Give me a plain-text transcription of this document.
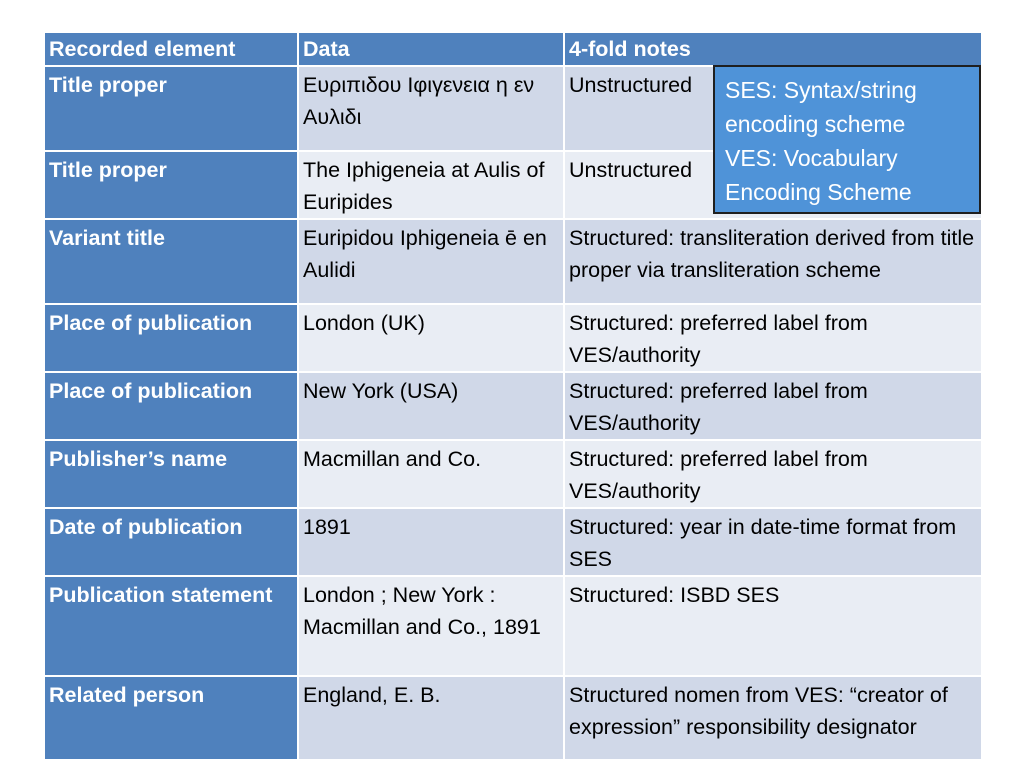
Recorded element	Data	4-fold notes
Title proper	Ευριπιδου Ιφιγενεια η εν Αυλιδι	Unstructured
Title proper	The Iphigeneia at Aulis of Euripides	Unstructured
Variant title	Euripidou Iphigeneia ē en Aulidi	Structured: transliteration derived from title proper via transliteration scheme
Place of publication	London (UK)	Structured: preferred label from VES/authority
Place of publication	New York (USA)	Structured: preferred label from VES/authority
Publisher’s name	Macmillan and Co.	Structured: preferred label from VES/authority
Date of publication	1891	Structured: year in date-time format from SES
Publication statement	London ; New York : Macmillan and Co., 1891	Structured: ISBD SES
Related person	England, E. B.	Structured nomen from VES: “creator of expression” responsibility designator
SES: Syntax/string
encoding scheme
VES: Vocabulary
Encoding Scheme
